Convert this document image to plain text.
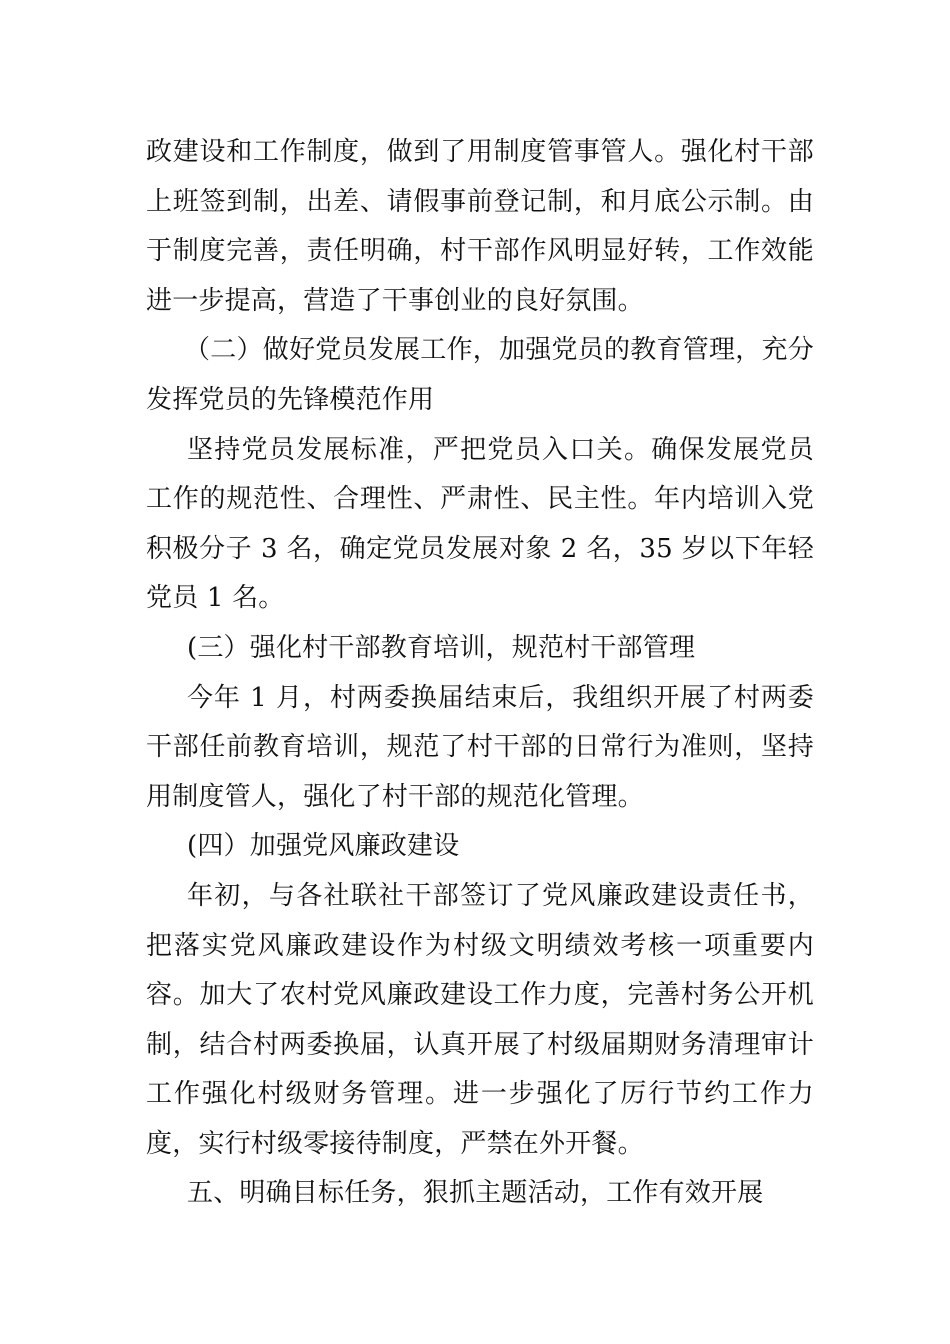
政建设和工作制度，做到了用制度管事管人。强化村干部上班签到制，出差、请假事前登记制，和月底公示制。由于制度完善，责任明确，村干部作风明显好转，工作效能进一步提高，营造了干事创业的良好氛围。

（二）做好党员发展工作，加强党员的教育管理，充分发挥党员的先锋模范作用

坚持党员发展标准，严把党员入口关。确保发展党员工作的规范性、合理性、严肃性、民主性。年内培训入党积极分子 3 名，确定党员发展对象 2 名，35 岁以下年轻党员 1 名。

(三）强化村干部教育培训，规范村干部管理

今年 1 月，村两委换届结束后，我组织开展了村两委干部任前教育培训，规范了村干部的日常行为准则，坚持用制度管人，强化了村干部的规范化管理。

(四）加强党风廉政建设

年初，与各社联社干部签订了党风廉政建设责任书，把落实党风廉政建设作为村级文明绩效考核一项重要内容。加大了农村党风廉政建设工作力度，完善村务公开机制，结合村两委换届，认真开展了村级届期财务清理审计工作强化村级财务管理。进一步强化了厉行节约工作力度，实行村级零接待制度，严禁在外开餐。

五、明确目标任务，狠抓主题活动，工作有效开展
